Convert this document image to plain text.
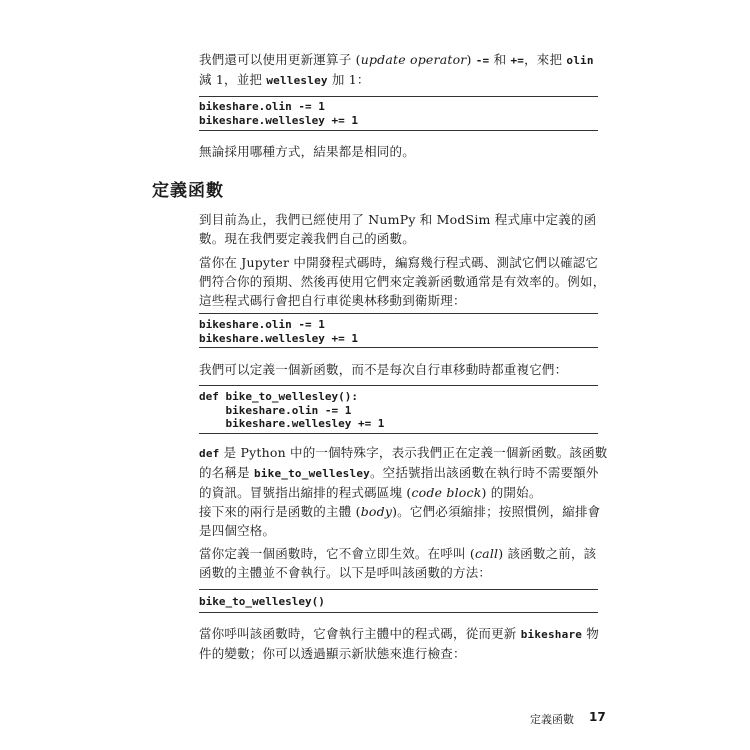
我們還可以使用更新運算子 (update operator) -= 和 +=，來把 olin 減 1，並把 wellesley 加 1：

bikeshare.olin -= 1
bikeshare.wellesley += 1

無論採用哪種方式，結果都是相同的。

定義函數

到目前為止，我們已經使用了 NumPy 和 ModSim 程式庫中定義的函數。現在我們要定義我們自己的函數。

當你在 Jupyter 中開發程式碼時，編寫幾行程式碼、測試它們以確認它們符合你的預期、然後再使用它們來定義新函數通常是有效率的。例如，這些程式碼行會把自行車從奧林移動到衛斯理：

bikeshare.olin -= 1
bikeshare.wellesley += 1

我們可以定義一個新函數，而不是每次自行車移動時都重複它們：

def bike_to_wellesley():
bikeshare.olin -= 1
bikeshare.wellesley += 1

def 是 Python 中的一個特殊字，表示我們正在定義一個新函數。該函數的名稱是 bike_to_wellesley。空括號指出該函數在執行時不需要額外的資訊。冒號指出縮排的程式碼區塊 (code block) 的開始。

接下來的兩行是函數的主體 (body)。它們必須縮排；按照慣例，縮排會是四個空格。

當你定義一個函數時，它不會立即生效。在呼叫 (call) 該函數之前，該函數的主體並不會執行。以下是呼叫該函數的方法：

bike_to_wellesley()

當你呼叫該函數時，它會執行主體中的程式碼，從而更新 bikeshare 物件的變數；你可以透過顯示新狀態來進行檢查：

定義函數 17
